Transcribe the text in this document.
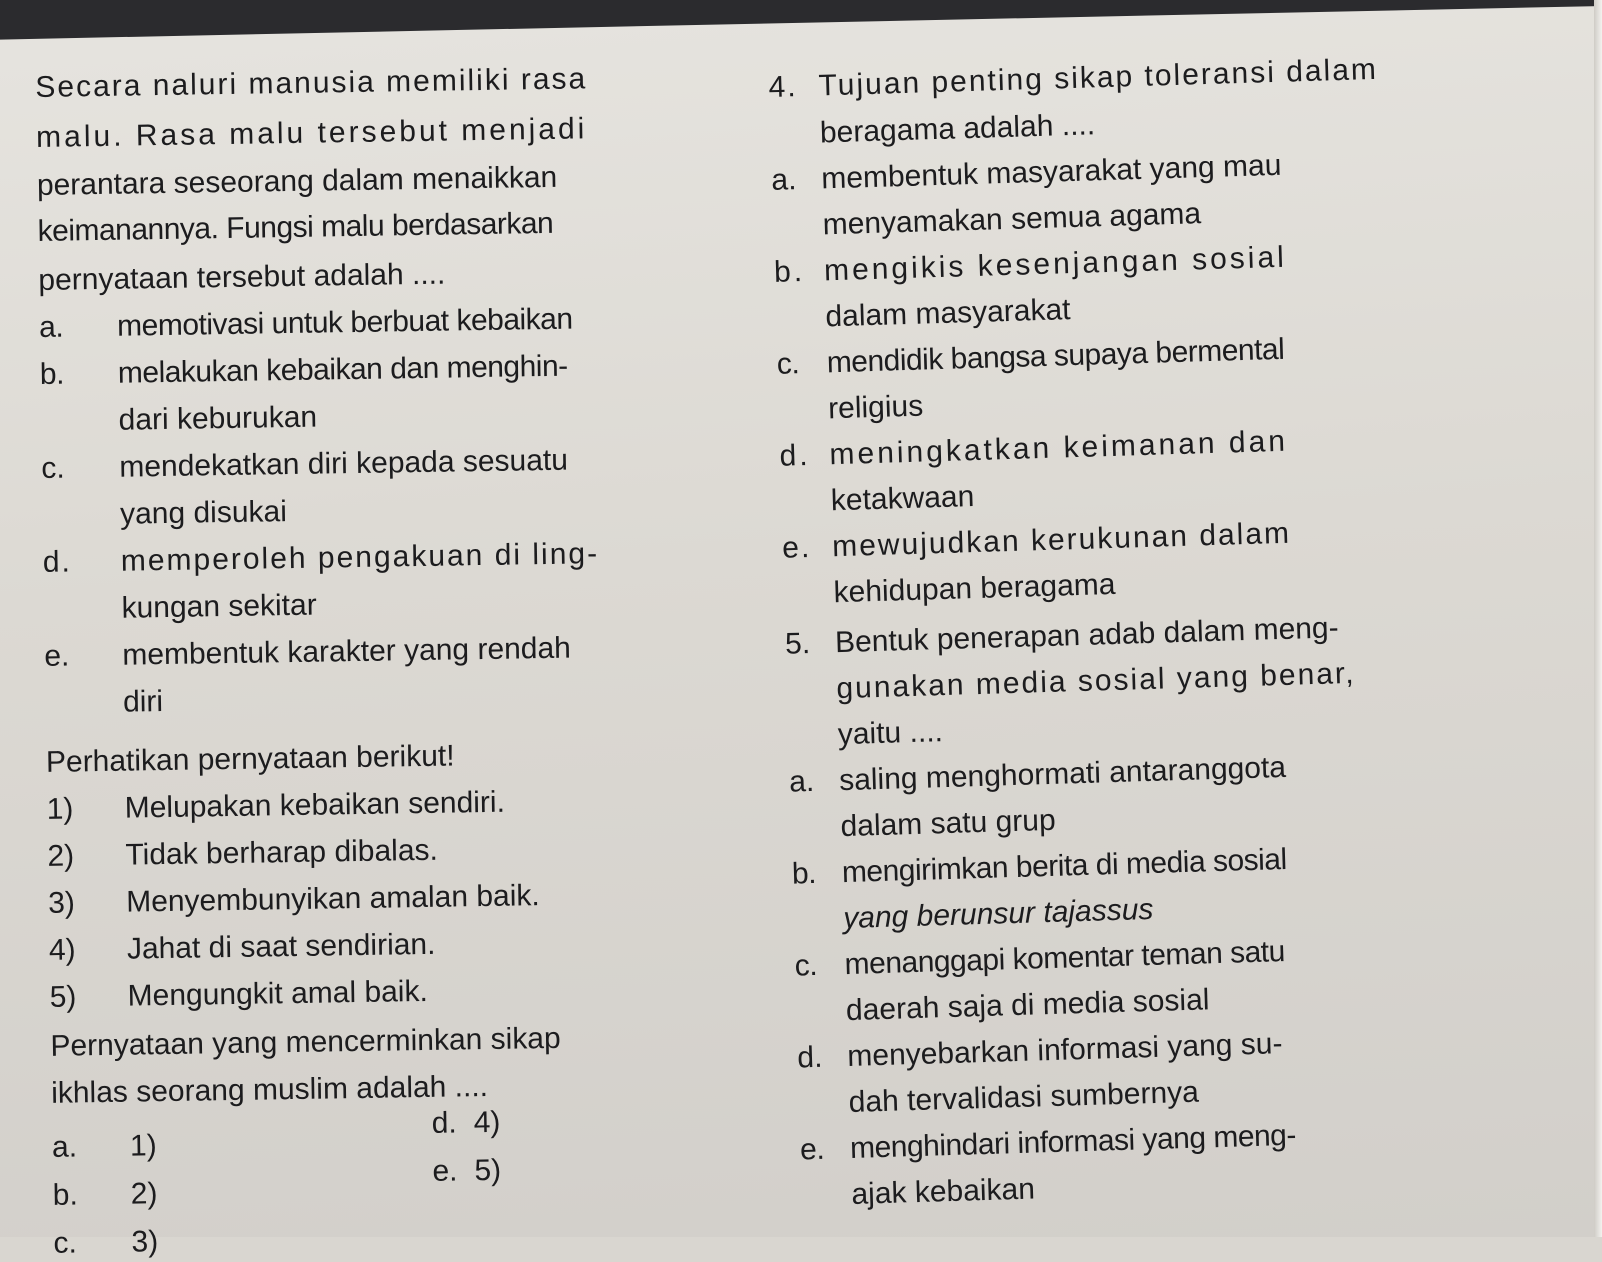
Secara naluri manusia memiliki rasa
malu. Rasa malu tersebut menjadi
perantara seseorang dalam menaikkan
keimanannya. Fungsi malu berdasarkan
pernyataan tersebut adalah ....
a. memotivasi untuk berbuat kebaikan
b. melakukan kebaikan dan menghin-
dari keburukan
c. mendekatkan diri kepada sesuatu
yang disukai
d. memperoleh pengakuan di ling-
kungan sekitar
e. membentuk karakter yang rendah
diri
Perhatikan pernyataan berikut!
1) Melupakan kebaikan sendiri.
2) Tidak berharap dibalas.
3) Menyembunyikan amalan baik.
4) Jahat di saat sendirian.
5) Mengungkit amal baik.
Pernyataan yang mencerminkan sikap
ikhlas seorang muslim adalah ....
a. 1)
b. 2)
c. 3)
d. 4)
e. 5)
4. Tujuan penting sikap toleransi dalam
beragama adalah ....
a. membentuk masyarakat yang mau
menyamakan semua agama
b. mengikis kesenjangan sosial
dalam masyarakat
c. mendidik bangsa supaya bermental
religius
d. meningkatkan keimanan dan
ketakwaan
e. mewujudkan kerukunan dalam
kehidupan beragama
5. Bentuk penerapan adab dalam meng-
gunakan media sosial yang benar,
yaitu ....
a. saling menghormati antaranggota
dalam satu grup
b. mengirimkan berita di media sosial
yang berunsur tajassus
c. menanggapi komentar teman satu
daerah saja di media sosial
d. menyebarkan informasi yang su-
dah tervalidasi sumbernya
e. menghindari informasi yang meng-
ajak kebaikan
